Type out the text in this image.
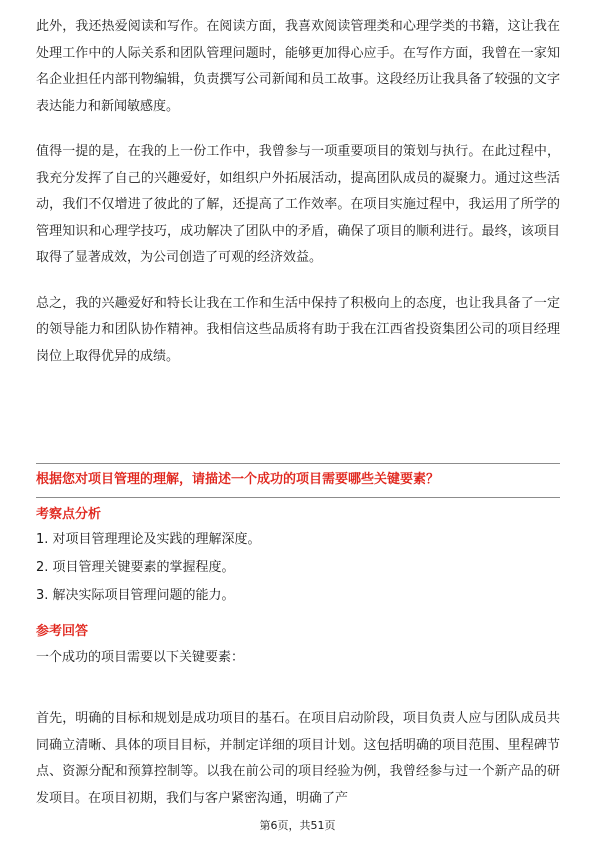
此外，我还热爱阅读和写作。在阅读方面，我喜欢阅读管理类和心理学类的书籍，这让我在处理工作中的人际关系和团队管理问题时，能够更加得心应手。在写作方面，我曾在一家知名企业担任内部刊物编辑，负责撰写公司新闻和员工故事。这段经历让我具备了较强的文字表达能力和新闻敏感度。

值得一提的是，在我的上一份工作中，我曾参与一项重要项目的策划与执行。在此过程中，我充分发挥了自己的兴趣爱好，如组织户外拓展活动，提高团队成员的凝聚力。通过这些活动，我们不仅增进了彼此的了解，还提高了工作效率。在项目实施过程中，我运用了所学的管理知识和心理学技巧，成功解决了团队中的矛盾，确保了项目的顺利进行。最终，该项目取得了显著成效，为公司创造了可观的经济效益。

总之，我的兴趣爱好和特长让我在工作和生活中保持了积极向上的态度，也让我具备了一定的领导能力和团队协作精神。我相信这些品质将有助于我在江西省投资集团公司的项目经理岗位上取得优异的成绩。

根据您对项目管理的理解，请描述一个成功的项目需要哪些关键要素？
考察点分析
1. 对项目管理理论及实践的理解深度。
2. 项目管理关键要素的掌握程度。
3. 解决实际项目管理问题的能力。
参考回答
一个成功的项目需要以下关键要素：

首先，明确的目标和规划是成功项目的基石。在项目启动阶段，项目负责人应与团队成员共同确立清晰、具体的项目目标，并制定详细的项目计划。这包括明确的项目范围、里程碑节点、资源分配和预算控制等。以我在前公司的项目经验为例，我曾经参与过一个新产品的研发项目。在项目初期，我们与客户紧密沟通，明确了产

第6页，共51页
